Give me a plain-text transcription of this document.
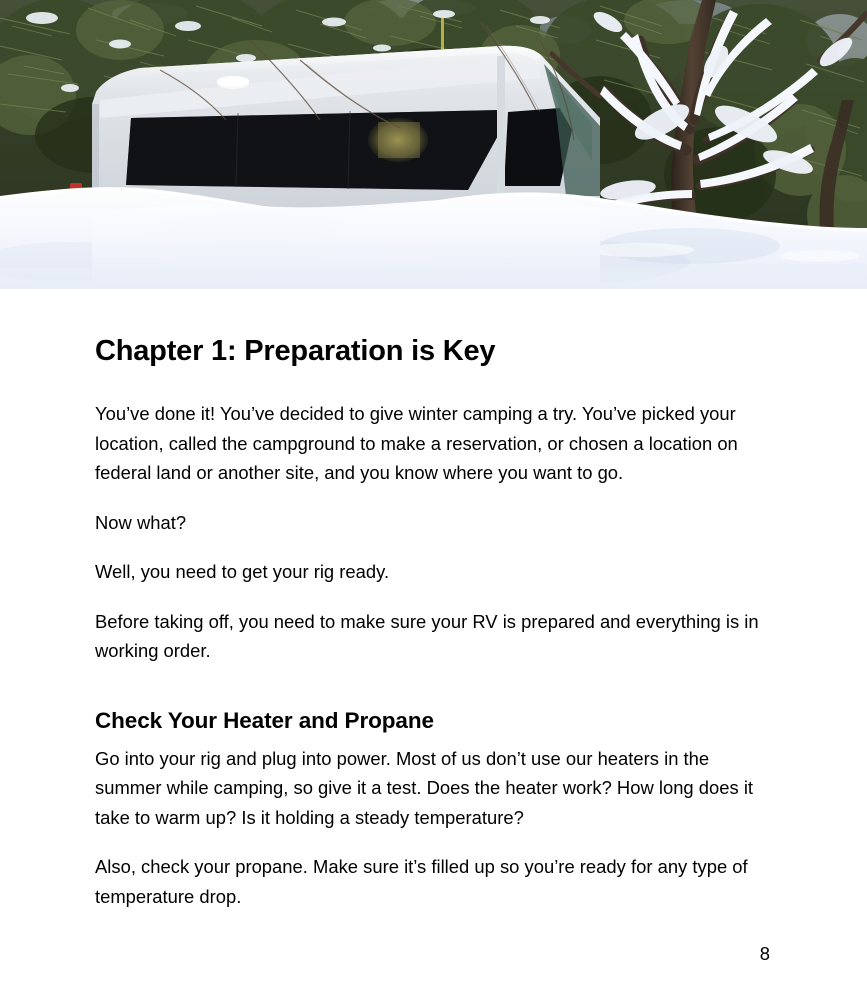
Chapter 1: Preparation is Key

You’ve done it! You’ve decided to give winter camping a try. You’ve picked your location, called the campground to make a reservation, or chosen a location on federal land or another site, and you know where you want to go.

Now what?

Well, you need to get your rig ready.

Before taking off, you need to make sure your RV is prepared and everything is in working order.

Check Your Heater and Propane

Go into your rig and plug into power. Most of us don’t use our heaters in the summer while camping, so give it a test. Does the heater work? How long does it take to warm up? Is it holding a steady temperature?

Also, check your propane. Make sure it’s filled up so you’re ready for any type of temperature drop.

8
